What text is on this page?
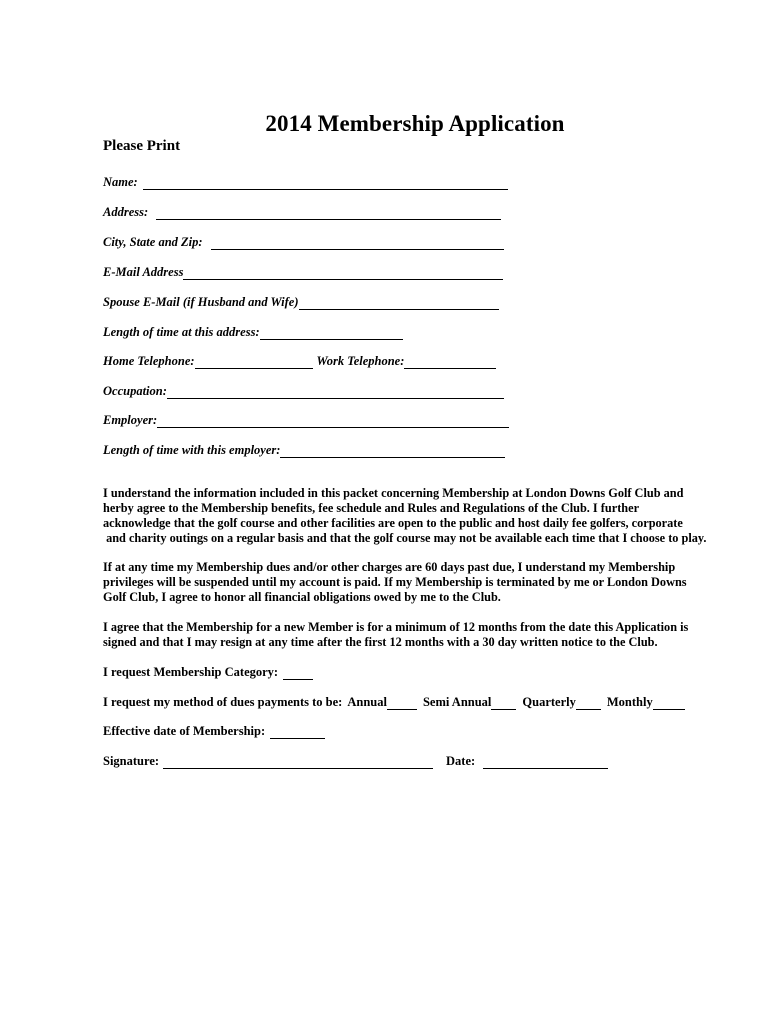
2014 Membership Application
Please Print
Name:
Address:
City, State and Zip:
E-Mail Address
Spouse E-Mail (if Husband and Wife)
Length of time at this address:
Home Telephone:	Work Telephone:
Occupation:
Employer:
Length of time with this employer:
I understand the information included in this packet concerning Membership at London Downs Golf Club and
herby agree to the Membership benefits, fee schedule and Rules and Regulations of the Club. I further
acknowledge that the golf course and other facilities are open to the public and host daily fee golfers, corporate
and charity outings on a regular basis and that the golf course may not be available each time that I choose to play.
If at any time my Membership dues and/or other charges are 60 days past due, I understand my Membership
privileges will be suspended until my account is paid. If my Membership is terminated by me or London Downs
Golf Club, I agree to honor all financial obligations owed by me to the Club.
I agree that the Membership for a new Member is for a minimum of 12 months from the date this Application is
signed and that I may resign at any time after the first 12 months with a 30 day written notice to the Club.
I request Membership Category:
I request my method of dues payments to be: Annual	Semi Annual Quarterly Monthly
Effective date of Membership:
Signature:	Date:
